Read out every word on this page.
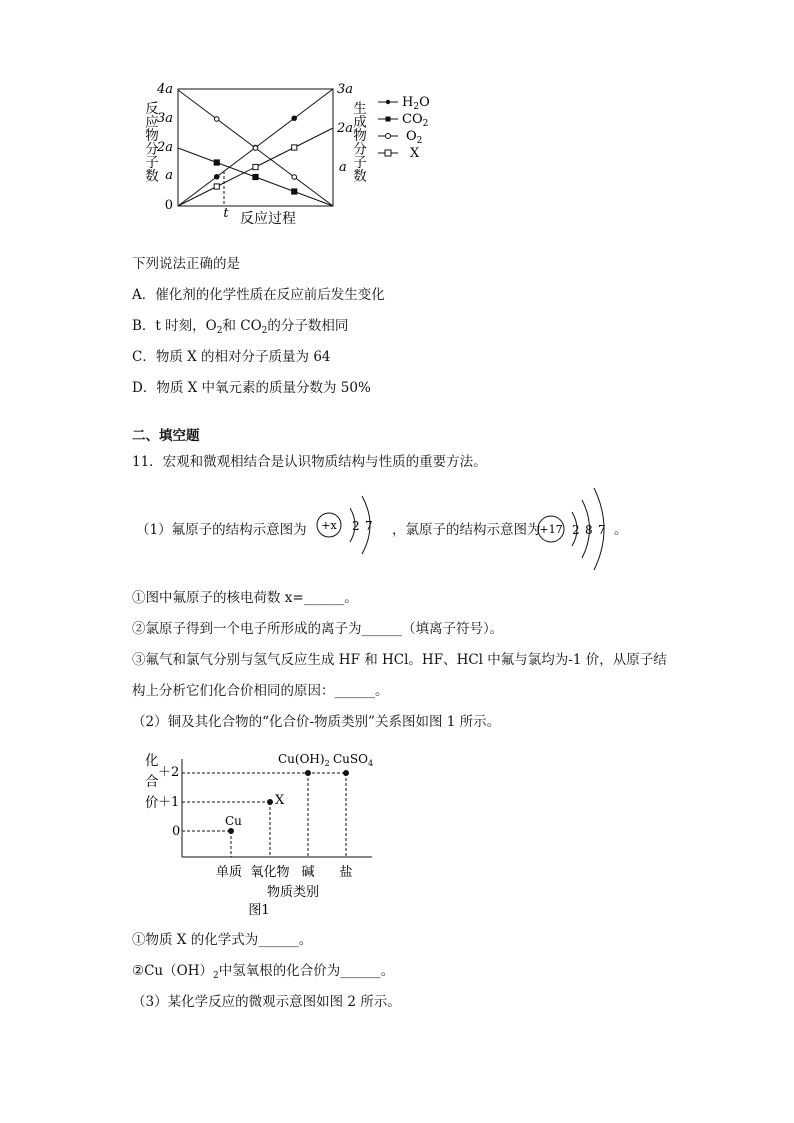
t 反应过程
4a
3a
2a
a
0
3a
2a
a
反应物分子数	生成物分子数	$H_2O$
$CO_2$
$O_2$
X
下列说法正确的是
A．催化剂的化学性质在反应前后发生变化
B．t 时刻，$O_2$和 $CO_2$的分子数相同
C．物质 X 的相对分子质量为 64
D．物质 X 中氧元素的质量分数为 50%
二、填空题
11．宏观和微观相结合是认识物质结构与性质的重要方法。
（1）氟原子的结构示意图为 +x 2 7 ，氯原子的结构示意图为
+17 2 8 7 。
①图中氟原子的核电荷数 x=______。
②氯原子得到一个电子所形成的离子为______（填离子符号）。
③氟气和氯气分别与氢气反应生成 HF 和 HCl。HF、HCl 中氟与氯均为-1 价，从原子结
构上分析它们化合价相同的原因：______。
（2）铜及其化合物的“化合价-物质类别”关系图如图 1 所示。
化
合
价
＋2
＋1
0
Cu
X
$Cu(OH)_2$ CuSO$_4$
单质 氧化物 碱 盐
物质类别
图1
①物质 X 的化学式为______。
$②Cu(OH)_2$中氢氧根的化合价为______。
（3）某化学反应的微观示意图如图 2 所示。
